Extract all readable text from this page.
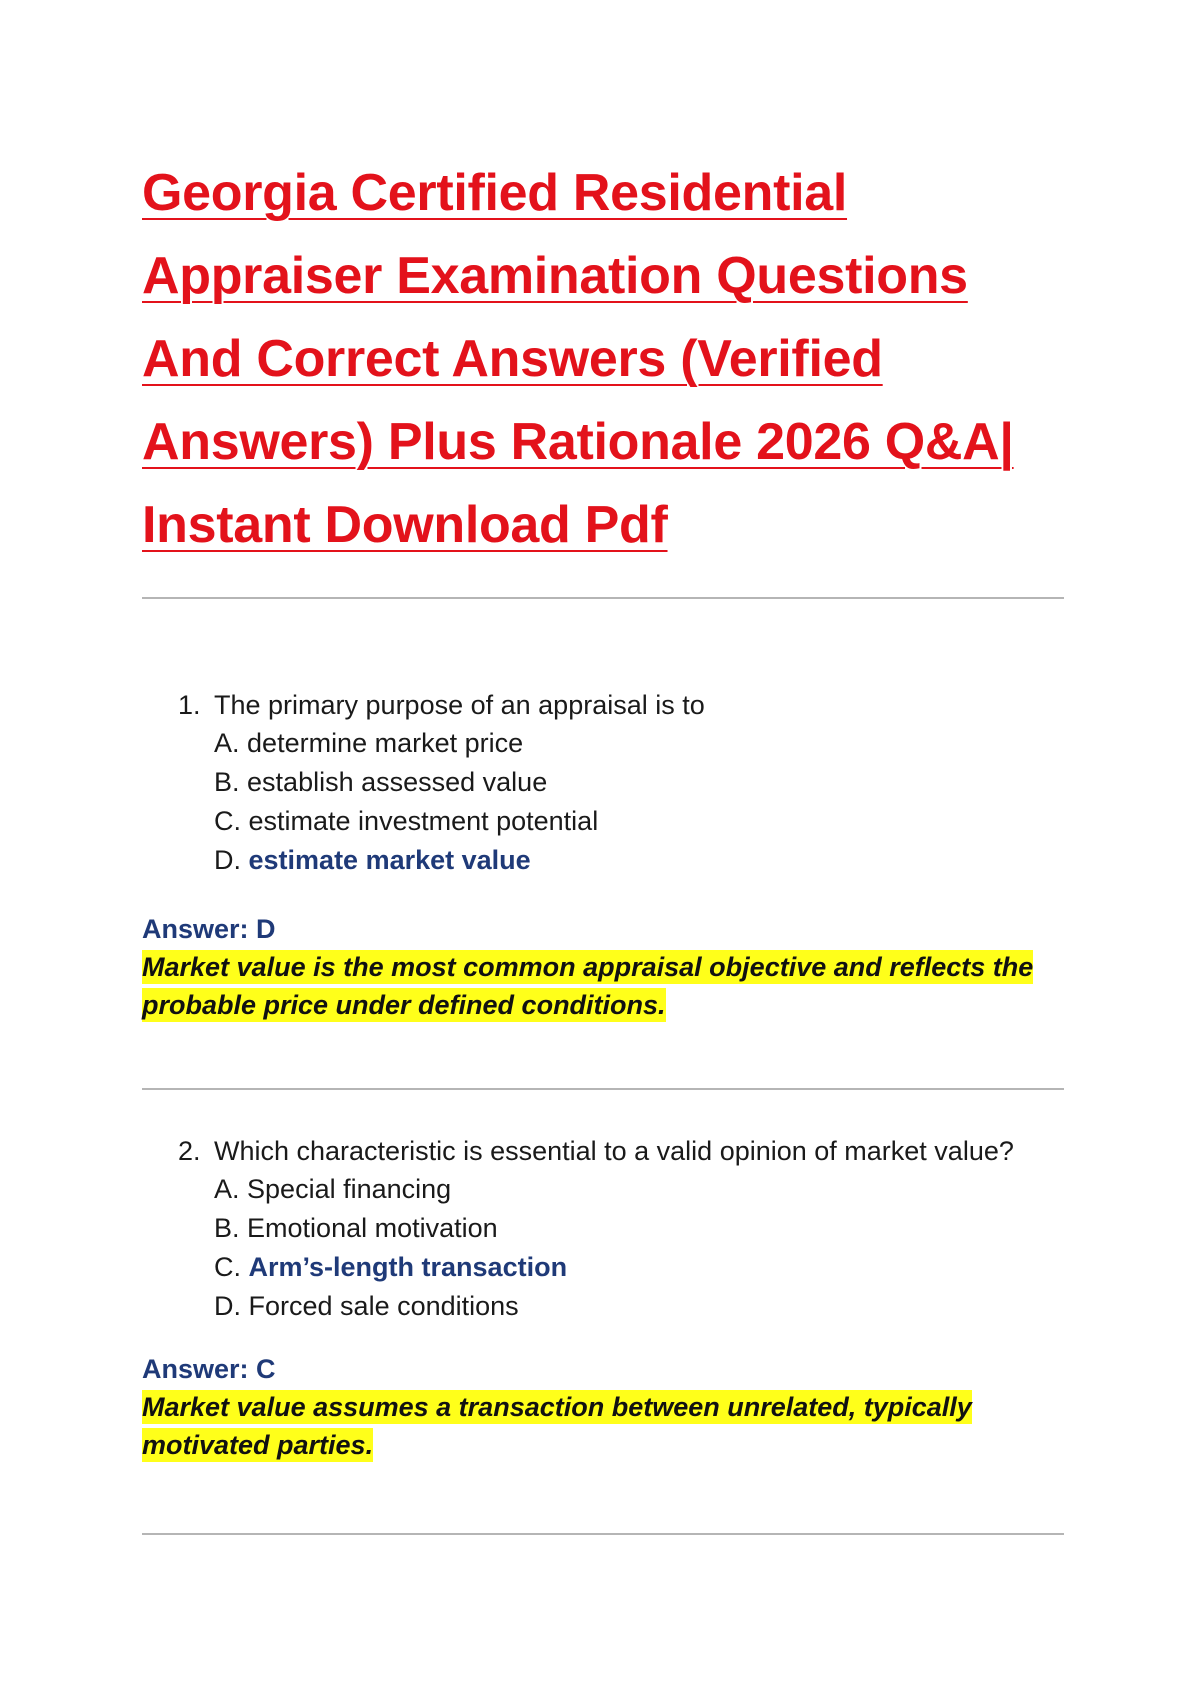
Georgia Certified Residential Appraiser Examination Questions And Correct Answers (Verified Answers) Plus Rationale 2026 Q&A| Instant Download Pdf

1. The primary purpose of an appraisal is to

A. determine market price
B. establish assessed value
C. estimate investment potential
D. estimate market value

Answer: D

Market value is the most common appraisal objective and reflects the probable price under defined conditions.

2. Which characteristic is essential to a valid opinion of market value?

A. Special financing
B. Emotional motivation
C. Arm’s-length transaction
D. Forced sale conditions

Answer: C

Market value assumes a transaction between unrelated, typically motivated parties.
